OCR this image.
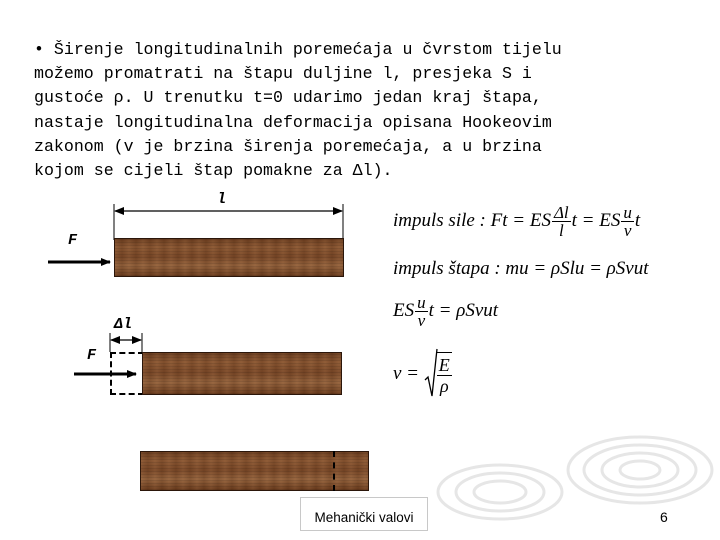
• Širenje longitudinalnih poremećaja u čvrstom tijelu
možemo promatrati na štapu duljine l, presjeka S i
gustoće ρ. U trenutku t=0 udarimo jedan kraj štapa,
nastaje longitudinalna deformacija opisana Hookeovim
zakonom (v je brzina širenja poremećaja, a u brzina
kojom se cijeli štap pomakne za Δl).
l
F
Δl
F
impuls sile : Ft = ES $\frac{\Delta l}{l}$ t = ES $\frac{u}{v}$ t
impuls štapa : mu = ρSlu = ρSvut
ES $\frac{u}{v}$ t = ρSvut
$v = \frac{E}{\rho}$
Mehanički valovi	6
